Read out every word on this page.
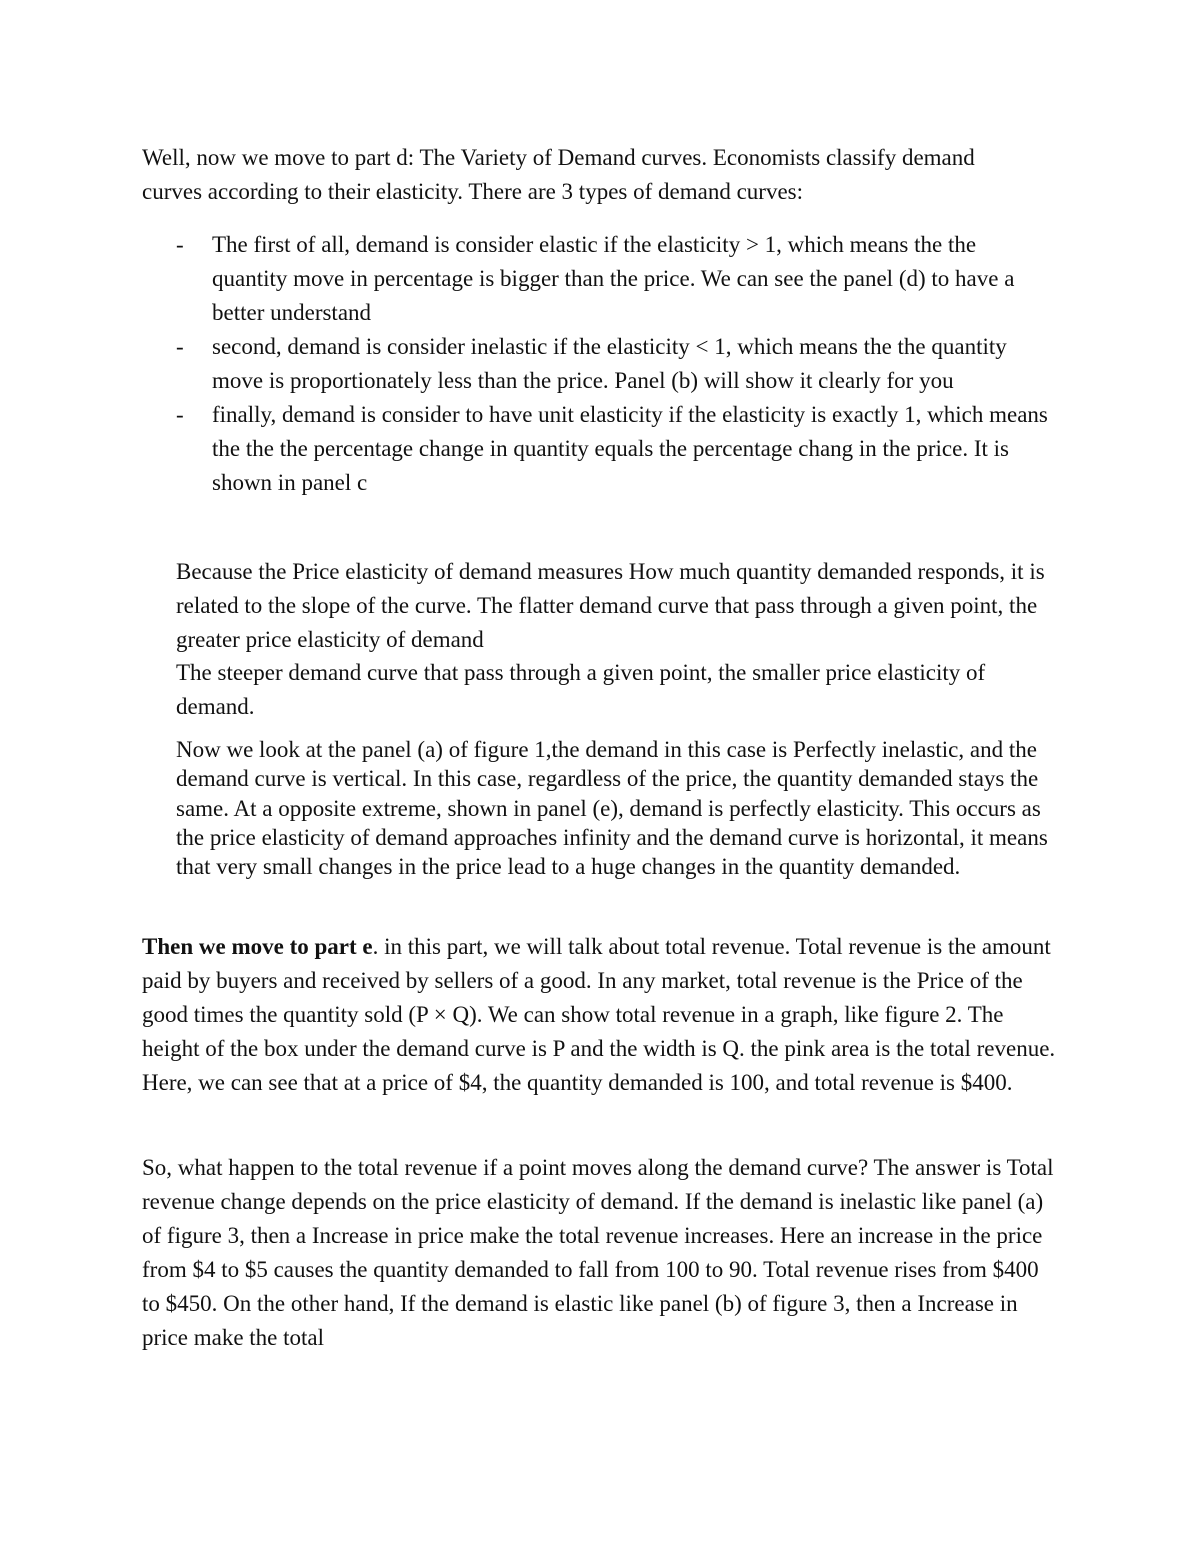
Well, now we move to part d: The Variety of Demand curves. Economists classify demand curves according to their elasticity. There are 3 types of demand curves:

- The first of all, demand is consider elastic if the elasticity > 1, which means the the quantity move in percentage is bigger than the price. We can see the panel (d) to have a better understand
- second, demand is consider inelastic if the elasticity < 1, which means the the quantity move is proportionately less than the price. Panel (b) will show it clearly for you
- finally, demand is consider to have unit elasticity if the elasticity is exactly 1, which means the the the percentage change in quantity equals the percentage chang in the price. It is shown in panel c

Because the Price elasticity of demand measures How much quantity demanded responds, it is related to the slope of the curve. The flatter demand curve that pass through a given point, the greater price elasticity of demand

The steeper demand curve that pass through a given point, the smaller price elasticity of demand.

Now we look at the panel (a) of figure 1,the demand in this case is Perfectly inelastic, and the demand curve is vertical. In this case, regardless of the price, the quantity demanded stays the same. At a opposite extreme, shown in panel (e), demand is perfectly elasticity. This occurs as the price elasticity of demand approaches infinity and the demand curve is horizontal, it means that very small changes in the price lead to a huge changes in the quantity demanded.

Then we move to part e. in this part, we will talk about total revenue. Total revenue is the amount paid by buyers and received by sellers of a good. In any market, total revenue is the Price of the good times the quantity sold (P × Q). We can show total revenue in a graph, like figure 2. The height of the box under the demand curve is P and the width is Q. the pink area is the total revenue. Here, we can see that at a price of $4, the quantity demanded is 100, and total revenue is $400.

So, what happen to the total revenue if a point moves along the demand curve? The answer is Total revenue change depends on the price elasticity of demand. If the demand is inelastic like panel (a) of figure 3, then a Increase in price make the total revenue increases. Here an increase in the price from $4 to $5 causes the quantity demanded to fall from 100 to 90. Total revenue rises from $400 to $450. On the other hand, If the demand is elastic like panel (b) of figure 3, then a Increase in price make the total
